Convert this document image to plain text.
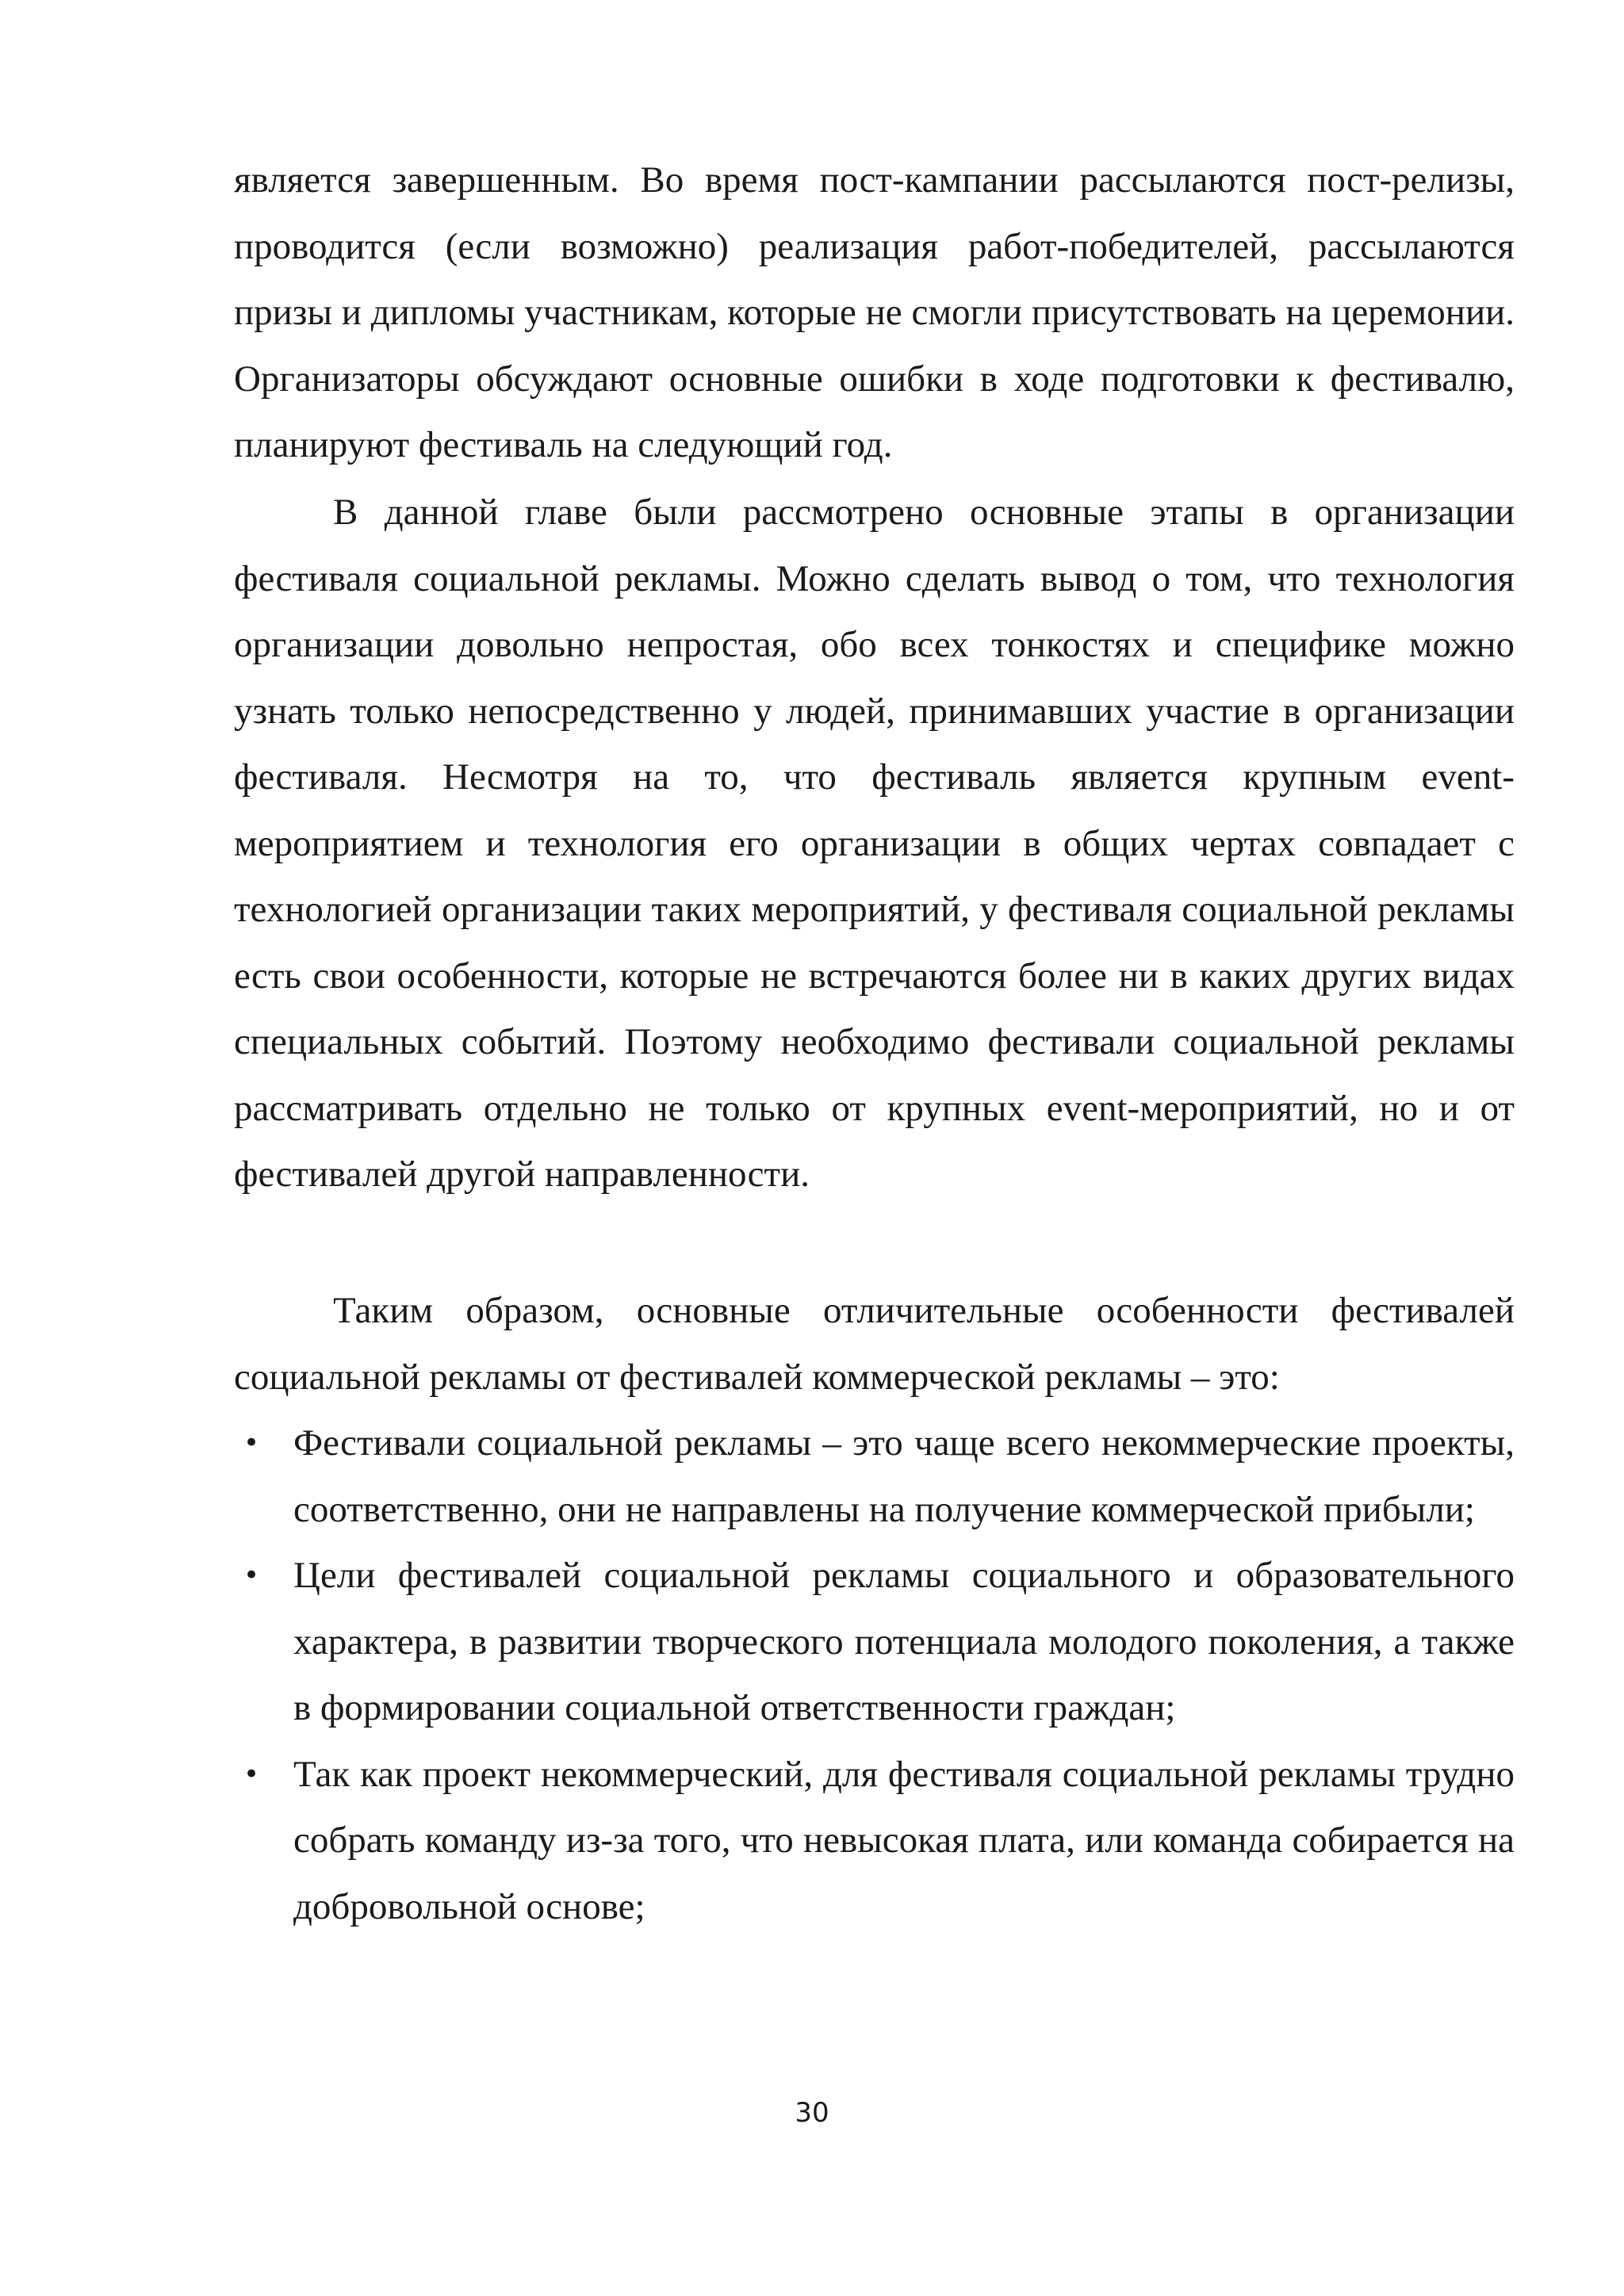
является завершенным. Во время пост-кампании рассылаются пост-релизы, проводится (если возможно) реализация работ-победителей, рассылаются призы и дипломы участникам, которые не смогли присутствовать на церемонии. Организаторы обсуждают основные ошибки в ходе подготовки к фестивалю, планируют фестиваль на следующий год.

В данной главе были рассмотрено основные этапы в организации фестиваля социальной рекламы. Можно сделать вывод о том, что технология организации довольно непростая, обо всех тонкостях и специфике можно узнать только непосредственно у людей, принимавших участие в организации фестиваля. Несмотря на то, что фестиваль является крупным event-мероприятием и технология его организации в общих чертах совпадает с технологией организации таких мероприятий, у фестиваля социальной рекламы есть свои особенности, которые не встречаются более ни в каких других видах специальных событий. Поэтому необходимо фестивали социальной рекламы рассматривать отдельно не только от крупных event-мероприятий, но и от фестивалей другой направленности.

Таким образом, основные отличительные особенности фестивалей социальной рекламы от фестивалей коммерческой рекламы – это:

• Фестивали социальной рекламы – это чаще всего некоммерческие проекты, соответственно, они не направлены на получение коммерческой прибыли;
• Цели фестивалей социальной рекламы социального и образовательного характера, в развитии творческого потенциала молодого поколения, а также в формировании социальной ответственности граждан;
• Так как проект некоммерческий, для фестиваля социальной рекламы трудно собрать команду из-за того, что невысокая плата, или команда собирается на добровольной основе;
30
